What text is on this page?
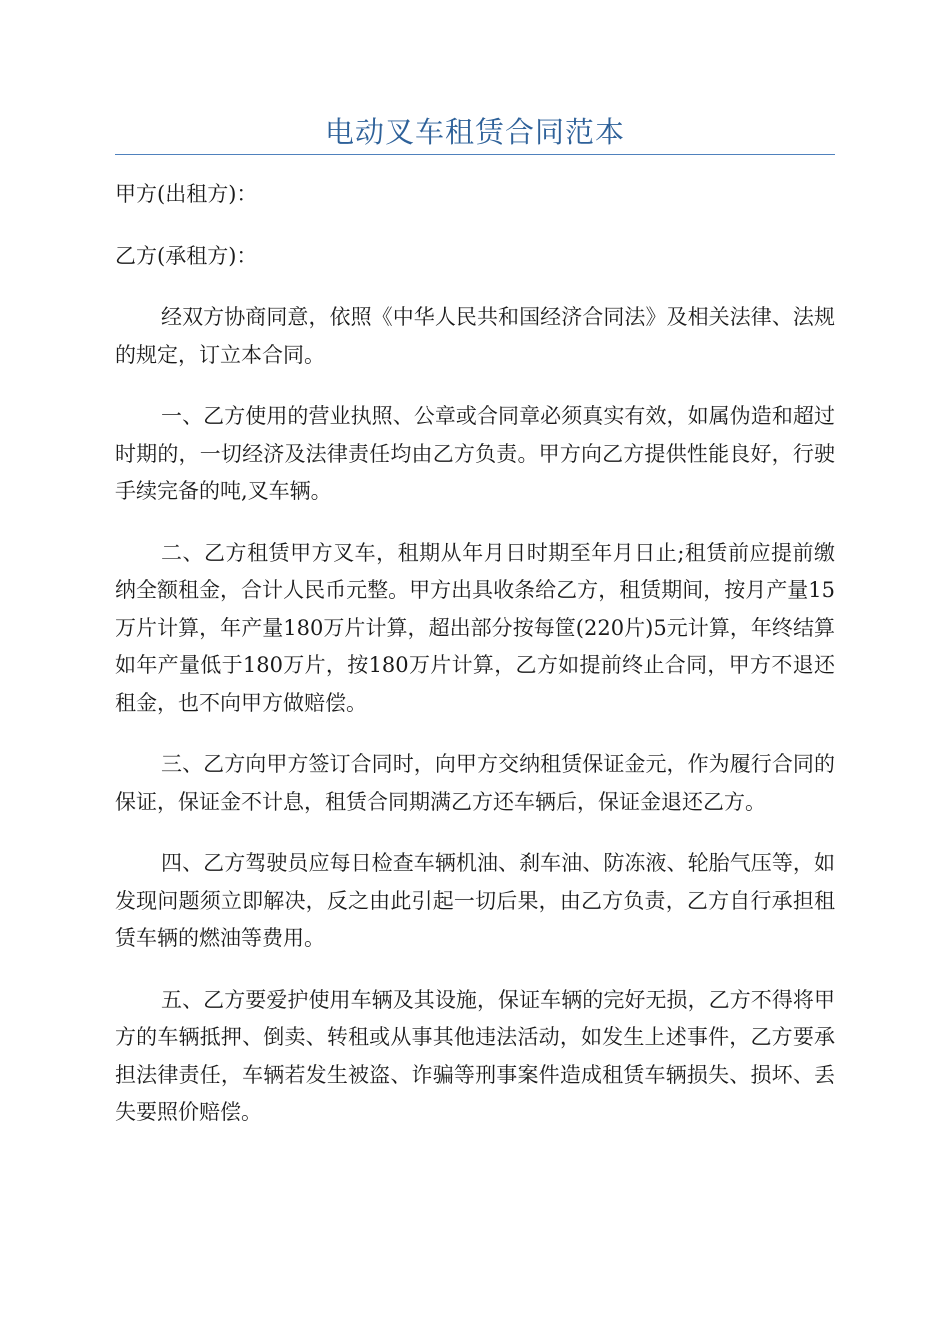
电动叉车租赁合同范本

甲方(出租方)：

乙方(承租方)：

经双方协商同意，依照《中华人民共和国经济合同法》及相关法律、法规的规定，订立本合同。

一、乙方使用的营业执照、公章或合同章必须真实有效，如属伪造和超过时期的，一切经济及法律责任均由乙方负责。甲方向乙方提供性能良好，行驶手续完备的吨,叉车辆。

二、乙方租赁甲方叉车，租期从年月日时期至年月日止;租赁前应提前缴纳全额租金，合计人民币元整。甲方出具收条给乙方，租赁期间，按月产量15万片计算，年产量180万片计算，超出部分按每筐(220片)5元计算，年终结算如年产量低于180万片，按180万片计算，乙方如提前终止合同，甲方不退还租金，也不向甲方做赔偿。

三、乙方向甲方签订合同时，向甲方交纳租赁保证金元，作为履行合同的保证，保证金不计息，租赁合同期满乙方还车辆后，保证金退还乙方。

四、乙方驾驶员应每日检查车辆机油、刹车油、防冻液、轮胎气压等，如发现问题须立即解决，反之由此引起一切后果，由乙方负责，乙方自行承担租赁车辆的燃油等费用。

五、乙方要爱护使用车辆及其设施，保证车辆的完好无损，乙方不得将甲方的车辆抵押、倒卖、转租或从事其他违法活动，如发生上述事件，乙方要承担法律责任，车辆若发生被盗、诈骗等刑事案件造成租赁车辆损失、损坏、丢失要照价赔偿。
